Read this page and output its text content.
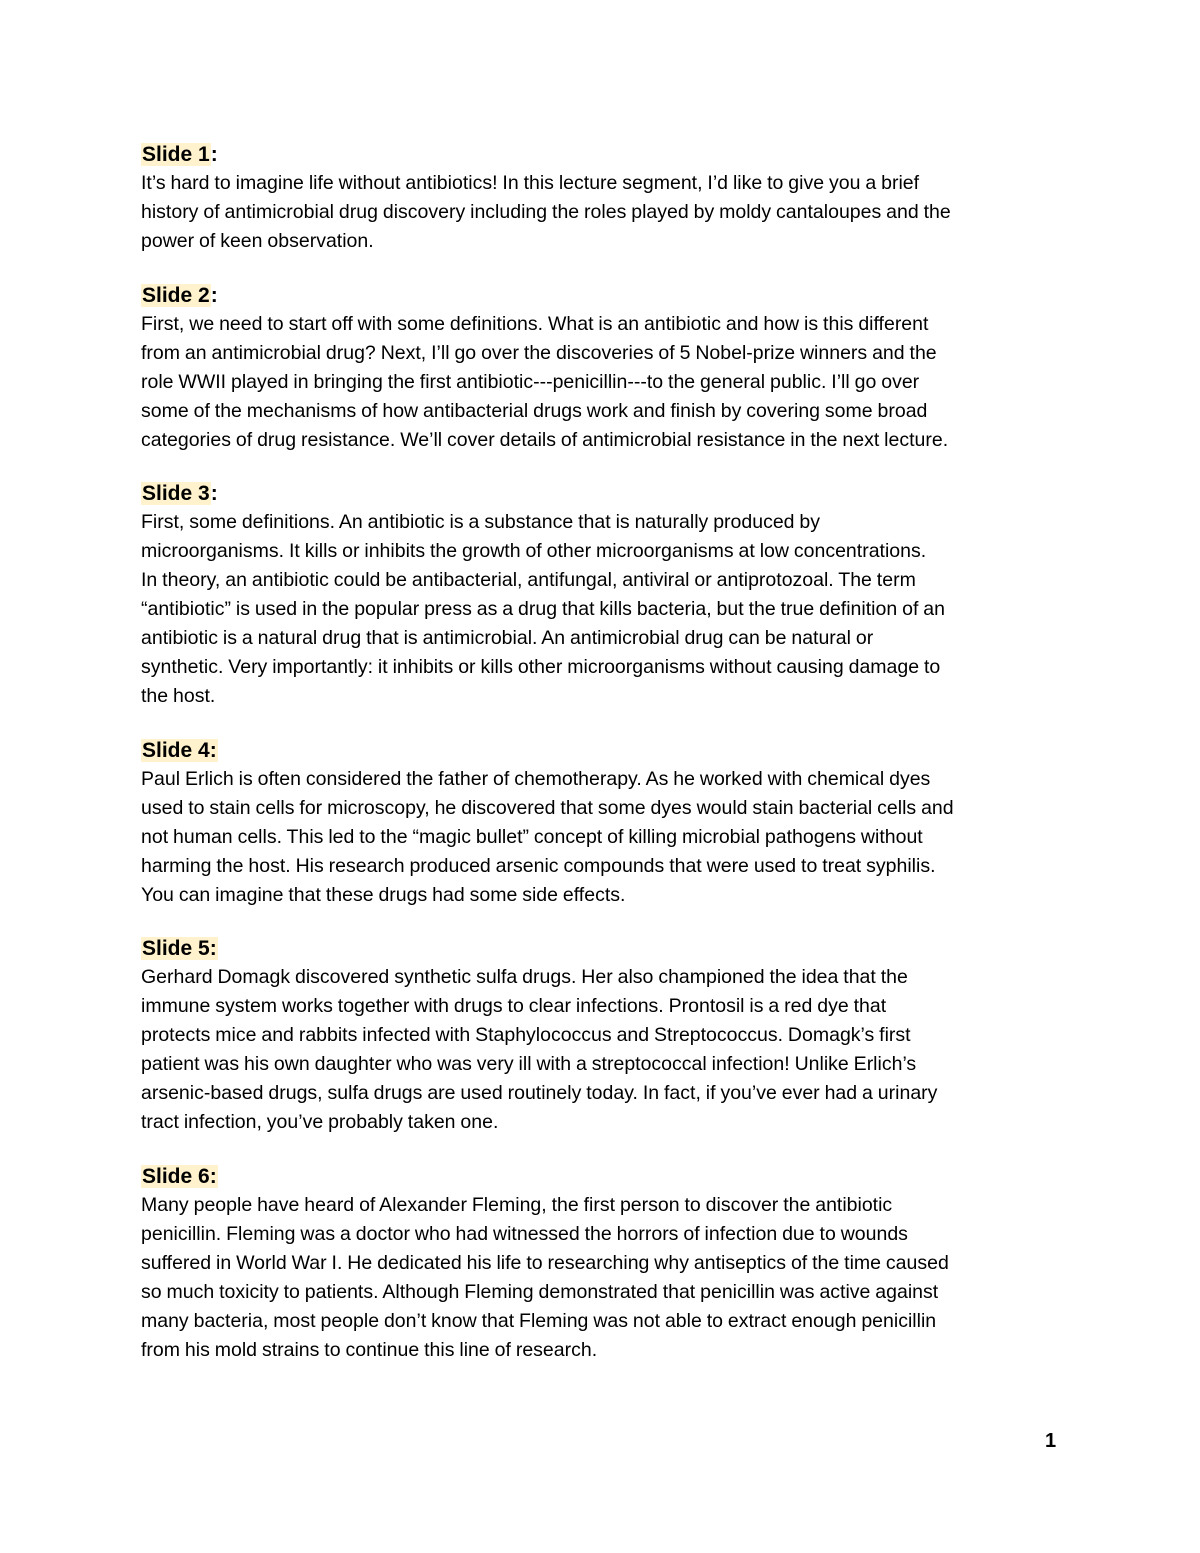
Slide 1:
It’s hard to imagine life without antibiotics! In this lecture segment, I’d like to give you a brief
history of antimicrobial drug discovery including the roles played by moldy cantaloupes and the
power of keen observation.
Slide 2:
First, we need to start off with some definitions. What is an antibiotic and how is this different
from an antimicrobial drug? Next, I’ll go over the discoveries of 5 Nobel-prize winners and the
role WWII played in bringing the first antibiotic---penicillin---to the general public. I’ll go over
some of the mechanisms of how antibacterial drugs work and finish by covering some broad
categories of drug resistance. We’ll cover details of antimicrobial resistance in the next lecture.
Slide 3:
First, some definitions. An antibiotic is a substance that is naturally produced by
microorganisms. It kills or inhibits the growth of other microorganisms at low concentrations.
In theory, an antibiotic could be antibacterial, antifungal, antiviral or antiprotozoal. The term
“antibiotic” is used in the popular press as a drug that kills bacteria, but the true definition of an
antibiotic is a natural drug that is antimicrobial. An antimicrobial drug can be natural or
synthetic. Very importantly: it inhibits or kills other microorganisms without causing damage to
the host.
Slide 4:
Paul Erlich is often considered the father of chemotherapy. As he worked with chemical dyes
used to stain cells for microscopy, he discovered that some dyes would stain bacterial cells and
not human cells. This led to the “magic bullet” concept of killing microbial pathogens without
harming the host. His research produced arsenic compounds that were used to treat syphilis.
You can imagine that these drugs had some side effects.
Slide 5:
Gerhard Domagk discovered synthetic sulfa drugs. Her also championed the idea that the
immune system works together with drugs to clear infections. Prontosil is a red dye that
protects mice and rabbits infected with Staphylococcus and Streptococcus. Domagk’s first
patient was his own daughter who was very ill with a streptococcal infection! Unlike Erlich’s
arsenic-based drugs, sulfa drugs are used routinely today. In fact, if you’ve ever had a urinary
tract infection, you’ve probably taken one.
Slide 6:
Many people have heard of Alexander Fleming, the first person to discover the antibiotic
penicillin. Fleming was a doctor who had witnessed the horrors of infection due to wounds
suffered in World War I. He dedicated his life to researching why antiseptics of the time caused
so much toxicity to patients. Although Fleming demonstrated that penicillin was active against
many bacteria, most people don’t know that Fleming was not able to extract enough penicillin
from his mold strains to continue this line of research.
1
